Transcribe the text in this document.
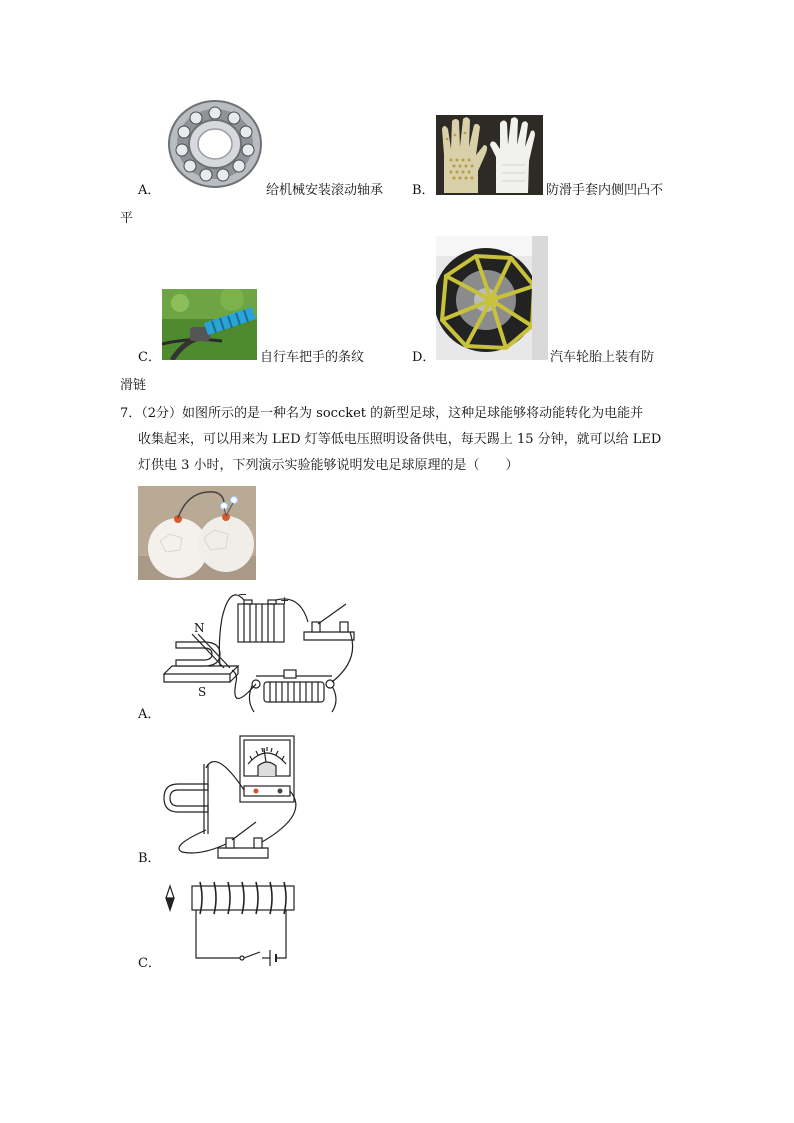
A．	给机械安装滚动轴承 B．	防滑手套内侧凹凸不
平
C．	自行车把手的条纹	D．	汽车轮胎上装有防
滑链
7．（2分）如图所示的是一种名为 soccket 的新型足球，这种足球能够将动能转化为电能并
收集起来，可以用来为 LED 灯等低电压照明设备供电，每天踢上 15 分钟，就可以给 LED
灯供电 3 小时，下列演示实验能够说明发电足球原理的是（　　）
N
S
−	+
A．
B．
C．
